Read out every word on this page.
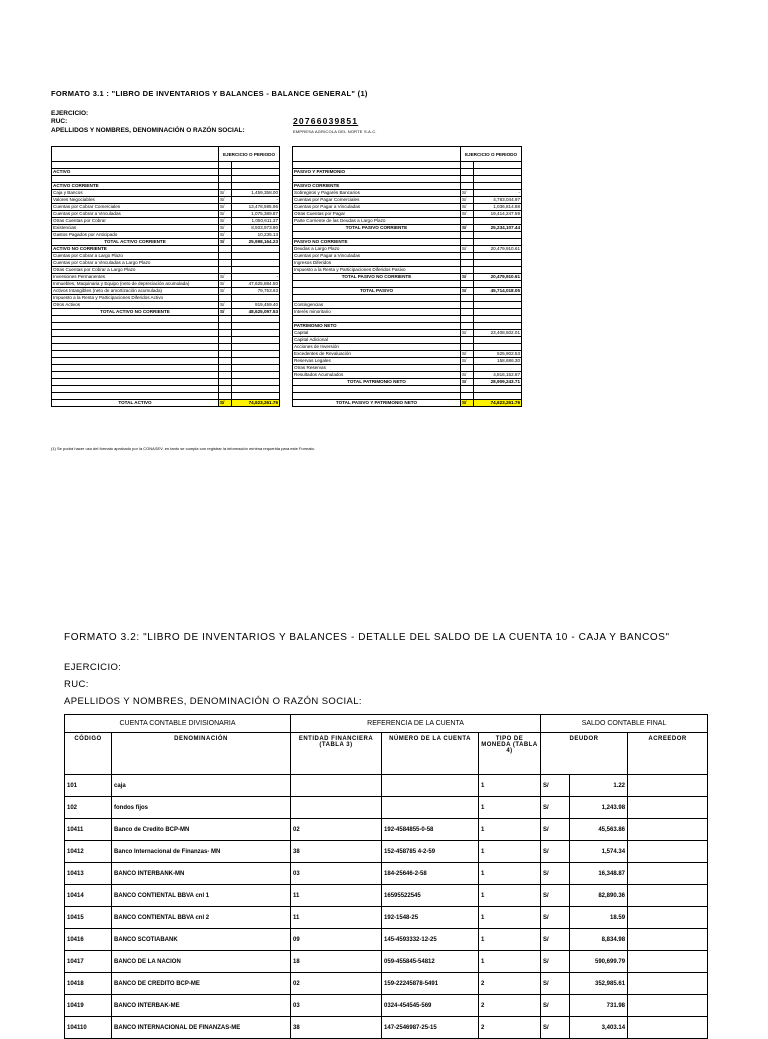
FORMATO 3.1 : "LIBRO DE INVENTARIOS Y BALANCES - BALANCE GENERAL" (1)
EJERCICIO:
RUC:
APELLIDOS Y NOMBRES, DENOMINACIÓN O RAZÓN SOCIAL:
20766039851
EMPRESA AGRICOLA DEL NORTE S.A.C.
	EJERCICIO O PERIODO	

ACTIVO		

ACTIVO CORRIENTE		
Caja y Bancos	S/	1,459,358.00
Valores Negociables	S/	-
Cuentas por Cobrar Comerciales	S/	13,478,595.96
Cuentas por Cobrar a Vinculadas	S/	1,075,389.87
Otras Cuentas por Cobrar	S/	1,050,611.37
Existencias	S/	8,503,973.90
Gastos Pagados por Anticipado	S/	10,235.13
TOTAL ACTIVO CORRIENTE	S/	25,998,164.23
ACTIVO NO CORRIENTE		
Cuentas por Cobrar a Largo Plazo		
Cuentas por Cobrar a Vinculadas a Largo Plazo		
Otras Cuentas por Cobrar a Largo Plazo		
Inversiones Permanentes	S/	-
Inmuebles, Maquinaria y Equipo (neto de depreciación acumulada)	S/	47,625,884.50
Activos Intangibles (neto de amortización acumulada)	S/	79,753.63
Impuesto a la Renta y Participaciones Diferidos Activo		
Otros Activos	S/	919,459.40
TOTAL ACTIVO NO CORRIENTE	S/	48,625,097.53

TOTAL ACTIVO	S/	74,623,261.76
	EJERCICIO O PERIODO	

PASIVO Y PATRIMONIO		

PASIVO CORRIENTE		
Sobregiros y Pagarés Bancarios	S/	-
Cuentas por Pagar Comerciales	S/	4,783,044.97
Cuentas por Pagar a Vinculadas	S/	1,036,814.88
Otras Cuentas por Pagar	S/	19,414,247.59
Parte Corriente de las Deudas a Largo Plazo		
TOTAL PASIVO CORRIENTE	S/	25,234,107.44

PASIVO NO CORRIENTE		
Deudas a Largo Plazo	S/	20,479,910.61
Cuentas por Pagar a Vinculadas		
Ingresos Diferidos		
Impuesto a la Renta y Participaciones Diferidos Pasivo		
TOTAL PASIVO NO CORRIENTE	S/	20,479,910.61

TOTAL PASIVO	S/	45,714,018.05

Contingencias		
Interés minoritario		

PATRIMONIO NETO		
Capital	S/	23,408,502.01
Capital Adicional		
Acciones de Inversión		
Excedentes de Revaluación	S/	525,902.53
Reservas Legales	S/	158,686.30
Otras Reservas		
Resultados Acumulados	S/	4,816,152.87
TOTAL PATRIMONIO NETO	S/	28,909,243.71

TOTAL PASIVO Y PATRIMONIO NETO	S/	74,623,261.76
(1) Se podrá hacer uso del formato aprobado por la CONASEV, en tanto se cumpla con registrar la información mínima requerida para este Formato.
FORMATO 3.2: "LIBRO DE INVENTARIOS Y BALANCES - DETALLE DEL SALDO DE LA CUENTA 10 - CAJA Y BANCOS"
EJERCICIO:
RUC:
APELLIDOS Y NOMBRES, DENOMINACIÓN O RAZÓN SOCIAL:
CUENTA CONTABLE DIVISIONARIA		REFERENCIA DE LA CUENTA			SALDO CONTABLE FINAL		
CÓDIGO	DENOMINACIÓN	ENTIDAD FINANCIERA (TABLA 3)	NÚMERO DE LA CUENTA	TIPO DE MONEDA (TABLA 4)	DEUDOR		ACREEDOR
101	caja			1	S/	1.22	
102	fondos fijos			1	S/	1,243.98	
10411	Banco de Credito BCP-MN	02	192-4584855-0-58	1	S/	45,563.86	
10412	Banco Internacional de Finanzas- MN	38	152-458785 4-2-59	1	S/	1,574.34	
10413	BANCO INTERBANK-MN	03	184-25646-2-58	1	S/	16,348.87	
10414	BANCO CONTIENTAL BBVA cnl 1	11	16595522545	1	S/	82,890.36	
10415	BANCO CONTIENTAL BBVA cnl 2	11	192-1548-25	1	S/	18.59	
10416	BANCO SCOTIABANK	09	145-4593332-12-25	1	S/	8,834.98	
10417	BANCO DE LA NACION	18	059-455845-54812	1	S/	590,699.79	
10418	BANCO DE CREDITO BCP-ME	02	159-22245878-5491	2	S/	352,985.61	
10419	BANCO INTERBAK-ME	03	0324-454545-569	2	S/	731.98	
104110	BANCO INTERNACIONAL DE FINANZAS-ME	38	147-2546987-25-15	2	S/	3,403.14	
